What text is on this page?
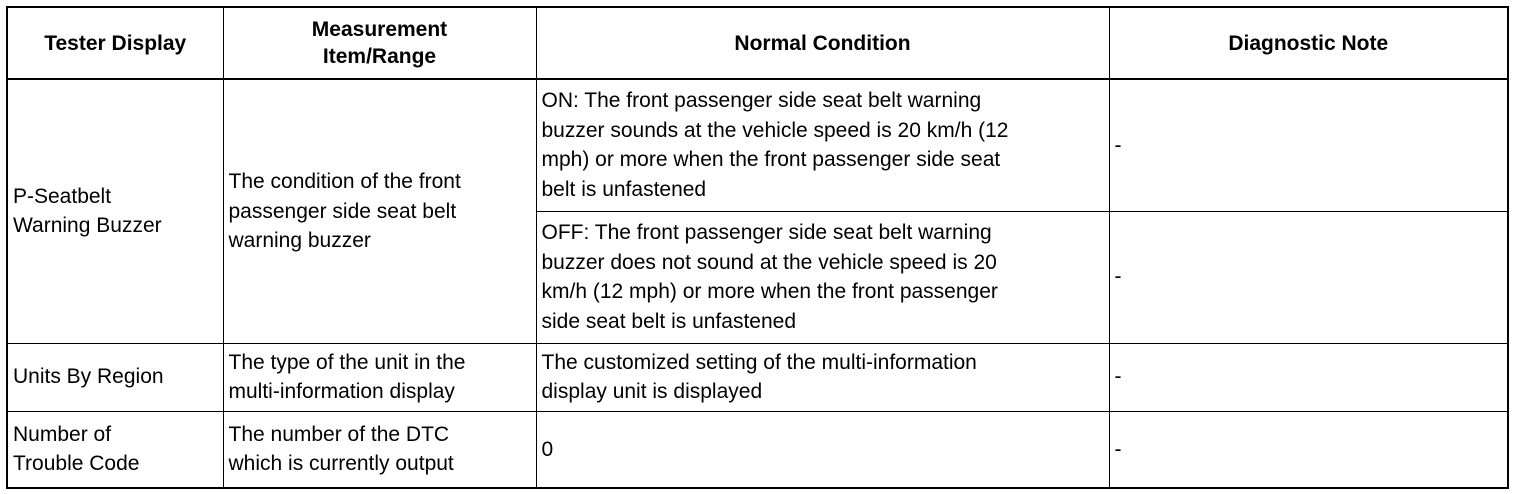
Tester Display	Measurement
Item/Range	Normal Condition	Diagnostic Note
P-Seatbelt
Warning Buzzer	The condition of the front
passenger side seat belt
warning buzzer	ON: The front passenger side seat belt warning
buzzer sounds at the vehicle speed is 20 km/h (12
mph) or more when the front passenger side seat
belt is unfastened	-
		OFF: The front passenger side seat belt warning
buzzer does not sound at the vehicle speed is 20
km/h (12 mph) or more when the front passenger
side seat belt is unfastened	-
Units By Region	The type of the unit in the
multi-information display	The customized setting of the multi-information
display unit is displayed	-
Number of
Trouble Code	The number of the DTC
which is currently output	0	-
